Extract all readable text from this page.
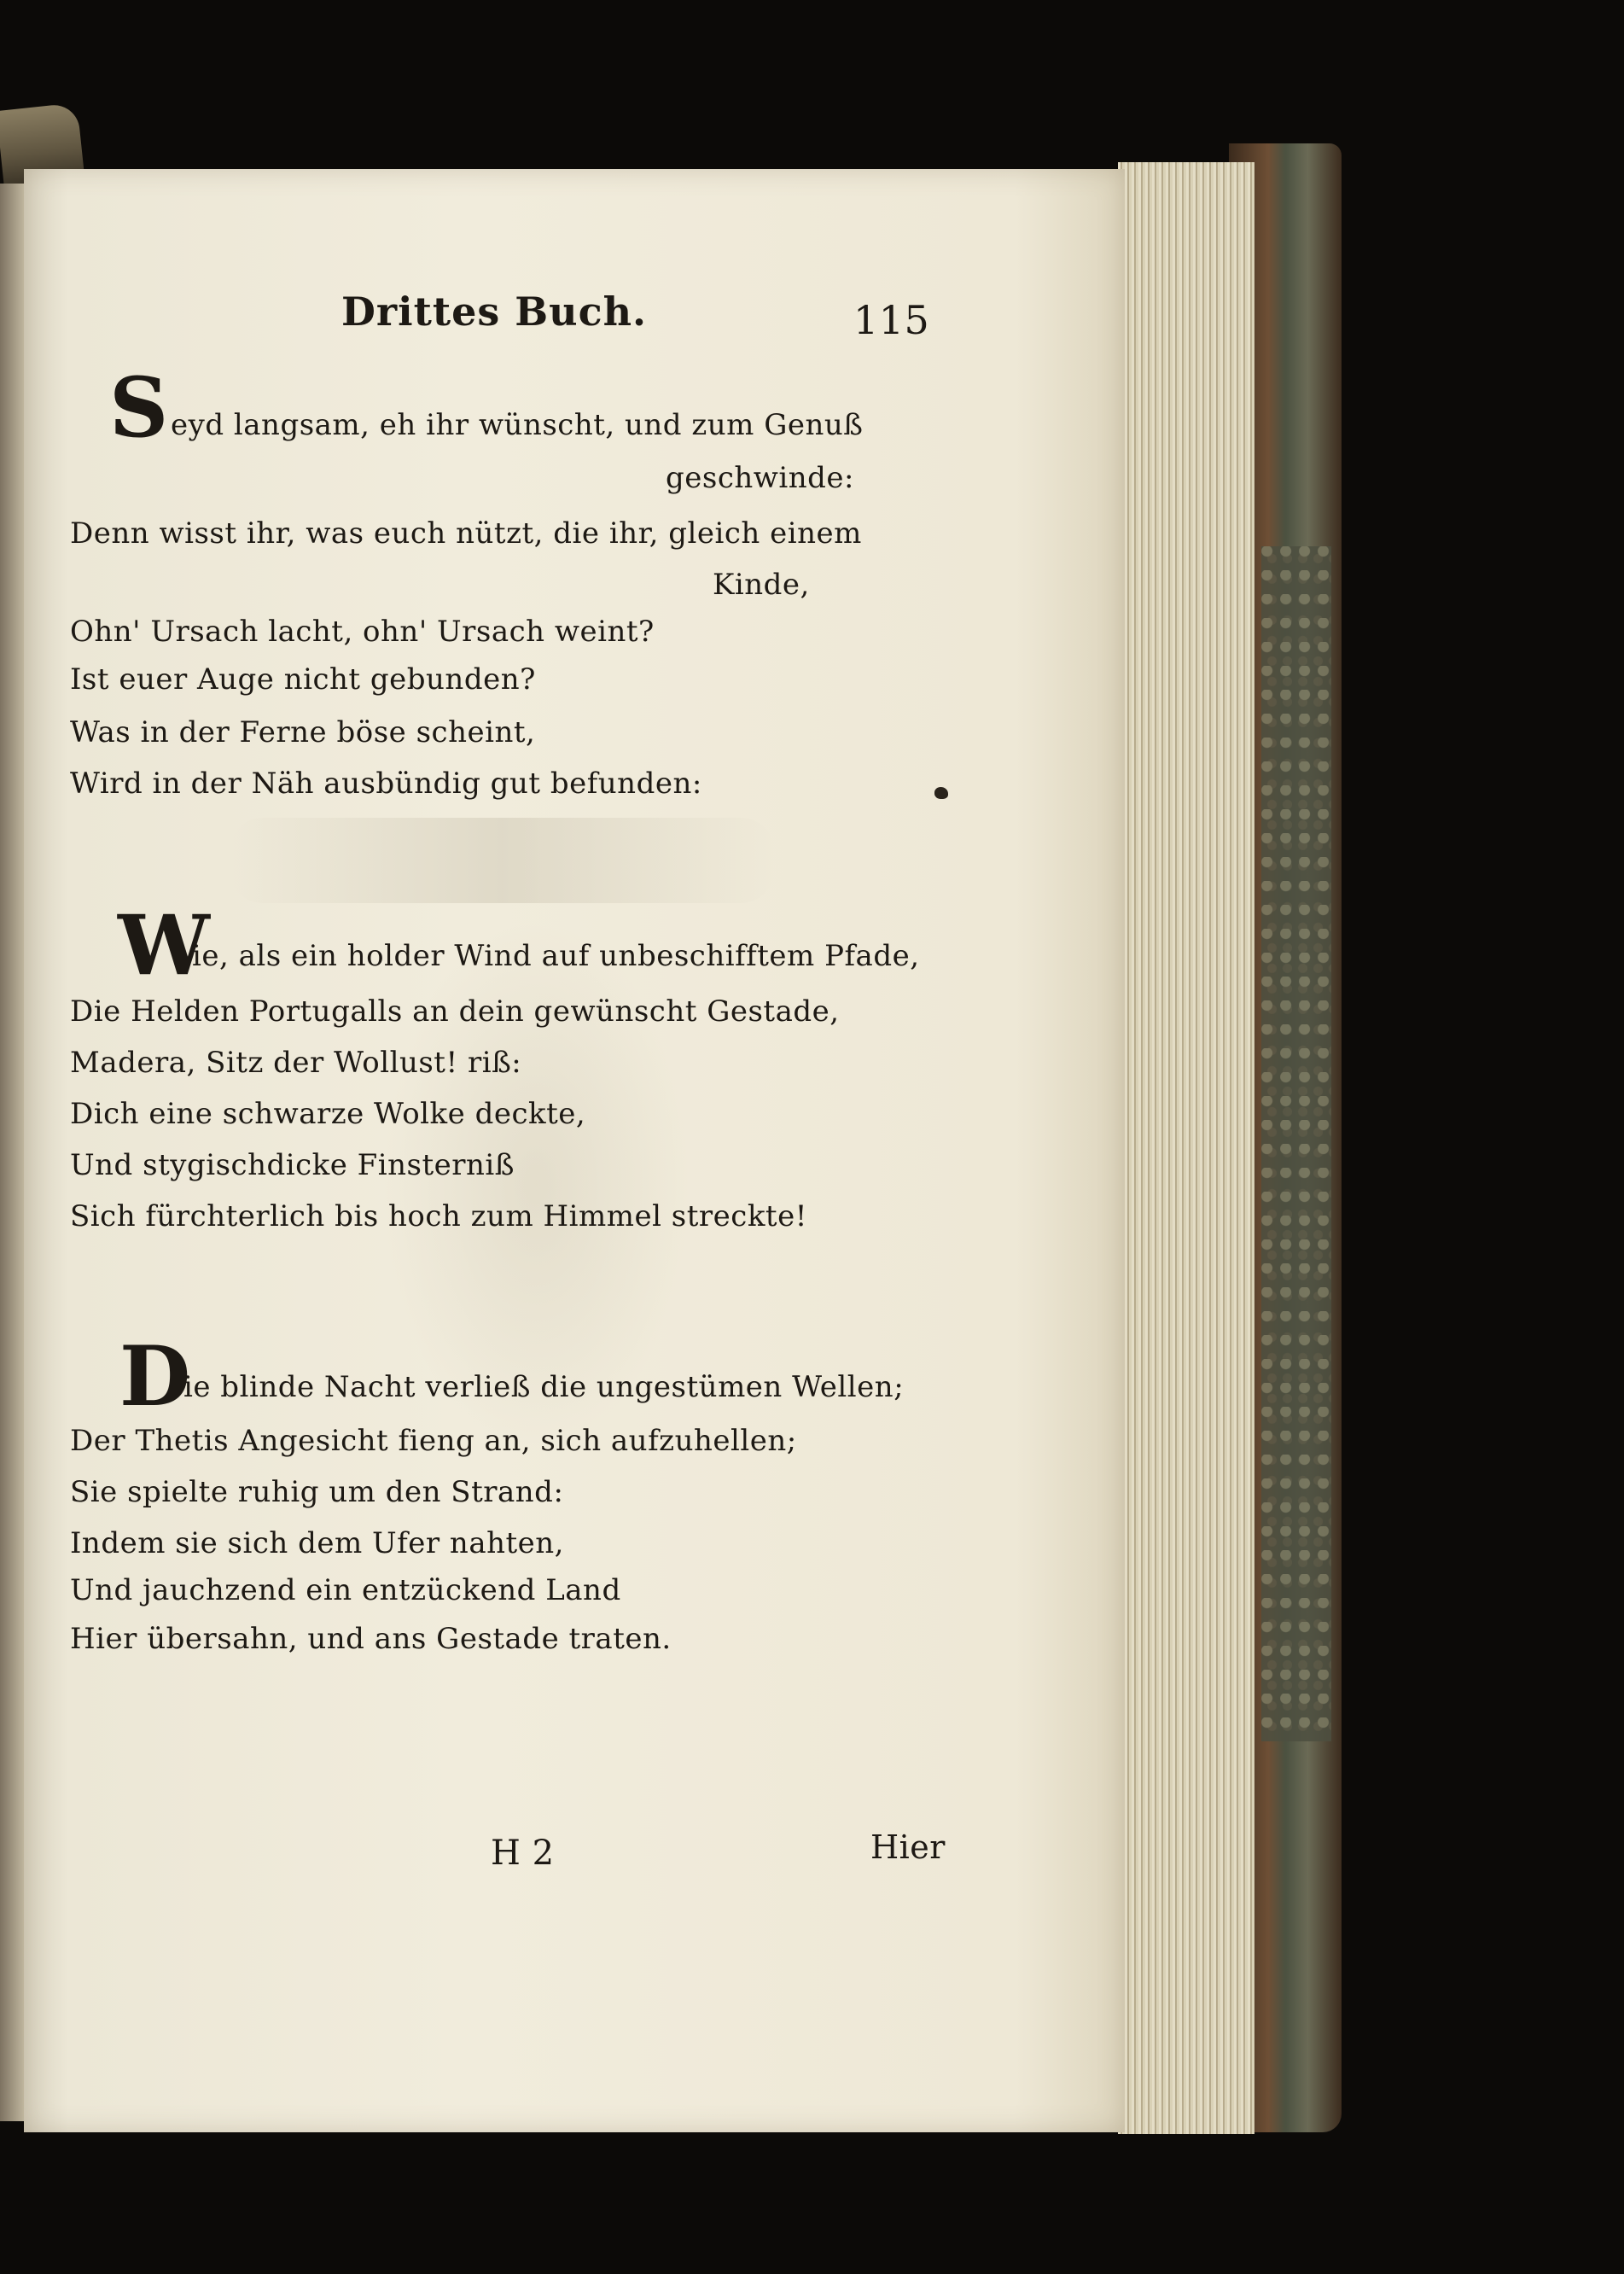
Drittes Buch.	115
S eyd langsam, eh ihr wünscht, und zum Genuß
geschwinde:
Denn wisst ihr, was euch nützt, die ihr, gleich einem
Kinde,
Ohn' Ursach lacht, ohn' Ursach weint?
Ist euer Auge nicht gebunden?
Was in der Ferne böse scheint,
Wird in der Näh ausbündig gut befunden:
W
ie, als ein holder Wind auf unbeschifftem Pfade,
Die Helden Portugalls an dein gewünscht Gestade,
Madera, Sitz der Wollust! riß:
Dich eine schwarze Wolke deckte,
Und stygischdicke Finsterniß
Sich fürchterlich bis hoch zum Himmel streckte!
D
ie blinde Nacht verließ die ungestümen Wellen;
Der Thetis Angesicht fieng an, sich aufzuhellen;
Sie spielte ruhig um den Strand:
Indem sie sich dem Ufer nahten,
Und jauchzend ein entzückend Land
Hier übersahn, und ans Gestade traten.
H 2	Hier
